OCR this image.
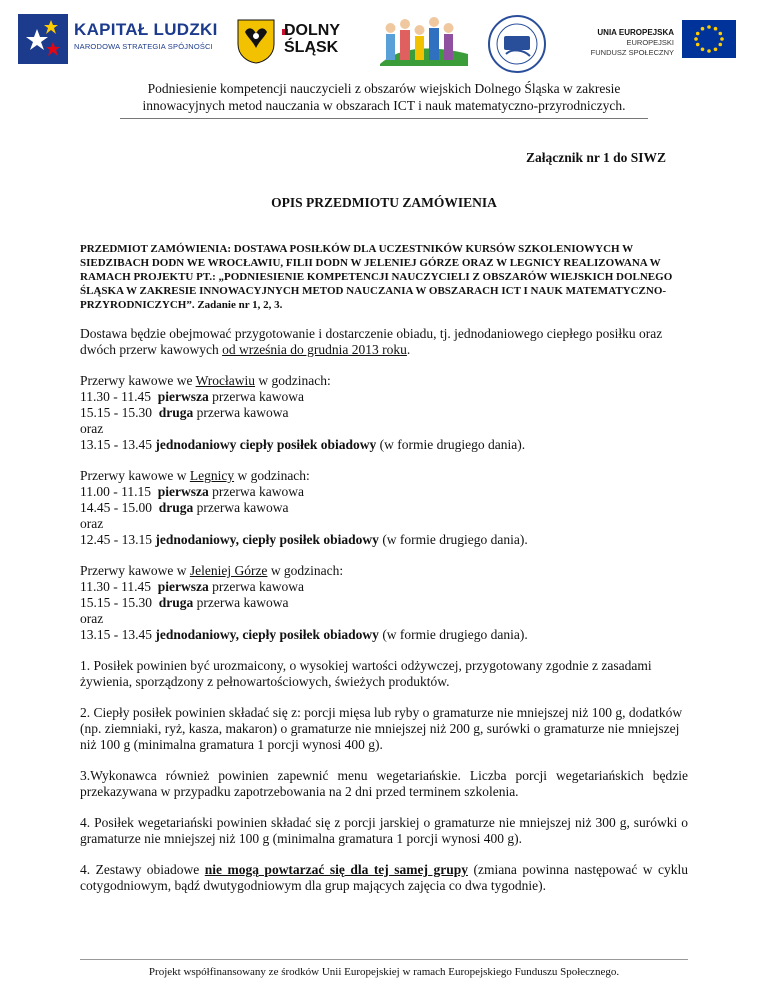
KAPITAŁ LUDZKI
NARODOWA STRATEGIA SPÓJNOŚCI
DOLNY
ŚLĄSK
UNIA EUROPEJSKA
EUROPEJSKI
FUNDUSZ SPOŁECZNY
Podniesienie kompetencji nauczycieli z obszarów wiejskich Dolnego Śląska w zakresie
innowacyjnych metod nauczania w obszarach ICT i nauk matematyczno-przyrodniczych.
Załącznik nr 1 do SIWZ
OPIS PRZEDMIOTU ZAMÓWIENIA

PRZEDMIOT ZAMÓWIENIA: DOSTAWA POSIŁKÓW DLA UCZESTNIKÓW KURSÓW SZKOLENIOWYCH W SIEDZIBACH DODN WE WROCŁAWIU, FILII DODN W JELENIEJ GÓRZE ORAZ W LEGNICY REALIZOWANA W RAMACH PROJEKTU PT.: „PODNIESIENIE KOMPETENCJI NAUCZYCIELI Z OBSZARÓW WIEJSKICH DOLNEGO ŚLĄSKA W ZAKRESIE INNOWACYJNYCH METOD NAUCZANIA W OBSZARACH ICT I NAUK MATEMATYCZNO-PRZYRODNICZYCH”. Zadanie nr 1, 2, 3.

Dostawa będzie obejmować przygotowanie i dostarczenie obiadu, tj. jednodaniowego ciepłego posiłku oraz dwóch przerw kawowych od września do grudnia 2013 roku.

Przerwy kawowe we Wrocławiu w godzinach:
11.30 - 11.45 pierwsza przerwa kawowa
15.15 - 15.30 druga przerwa kawowa
oraz
13.15 - 13.45 jednodaniowy ciepły posiłek obiadowy (w formie drugiego dania).

Przerwy kawowe w Legnicy w godzinach:
11.00 - 11.15 pierwsza przerwa kawowa
14.45 - 15.00 druga przerwa kawowa
oraz
12.45 - 13.15 jednodaniowy, ciepły posiłek obiadowy (w formie drugiego dania).

Przerwy kawowe w Jeleniej Górze w godzinach:
11.30 - 11.45 pierwsza przerwa kawowa
15.15 - 15.30 druga przerwa kawowa
oraz
13.15 - 13.45 jednodaniowy, ciepły posiłek obiadowy (w formie drugiego dania).

1. Posiłek powinien być urozmaicony, o wysokiej wartości odżywczej, przygotowany zgodnie z zasadami żywienia, sporządzony z pełnowartościowych, świeżych produktów.

2. Ciepły posiłek powinien składać się z: porcji mięsa lub ryby o gramaturze nie mniejszej niż 100 g, dodatków (np. ziemniaki, ryż, kasza, makaron) o gramaturze nie mniejszej niż 200 g, surówki o gramaturze nie mniejszej niż 100 g (minimalna gramatura 1 porcji wynosi 400 g).

3.Wykonawca również powinien zapewnić menu wegetariańskie. Liczba porcji wegetariańskich będzie przekazywana w przypadku zapotrzebowania na 2 dni przed terminem szkolenia.

4. Posiłek wegetariański powinien składać się z porcji jarskiej o gramaturze nie mniejszej niż 300 g, surówki o gramaturze nie mniejszej niż 100 g (minimalna gramatura 1 porcji wynosi 400 g).

4. Zestawy obiadowe nie mogą powtarzać się dla tej samej grupy (zmiana powinna następować w cyklu cotygodniowym, bądź dwutygodniowym dla grup mających zajęcia co dwa tygodnie).

Projekt współfinansowany ze środków Unii Europejskiej w ramach Europejskiego Funduszu Społecznego.
